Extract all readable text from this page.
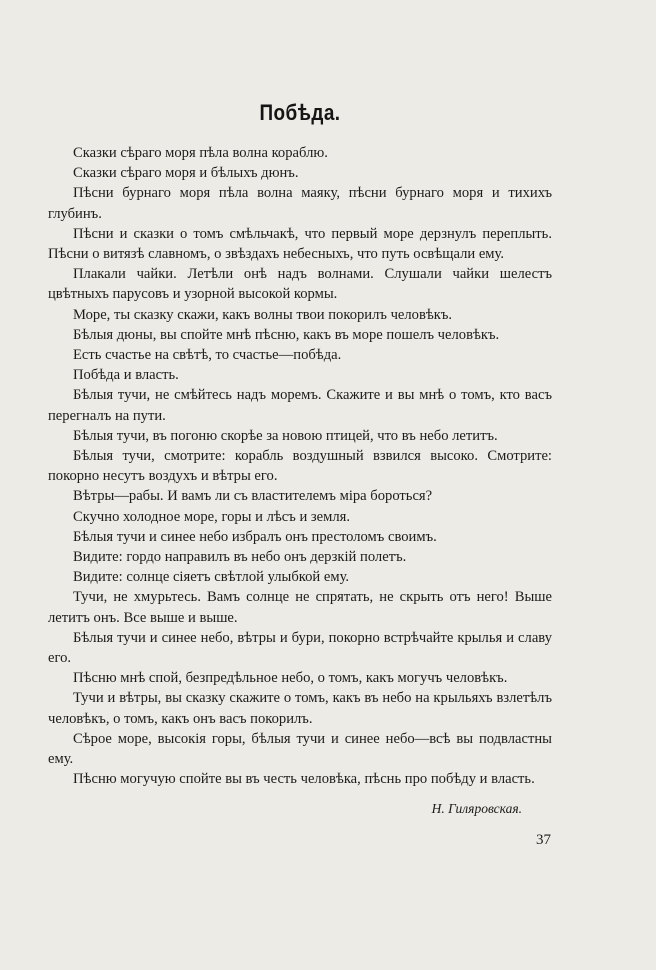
Побѣда.

Сказки сѣраго моря пѣла волна кораблю.

Сказки сѣраго моря и бѣлыхъ дюнъ.

Пѣсни бурнаго моря пѣла волна маяку, пѣсни бурнаго моря и тихихъ глубинъ.

Пѣсни и сказки о томъ смѣльчакѣ, что первый море дерзнулъ переплыть. Пѣсни о витязѣ славномъ, о звѣздахъ небесныхъ, что путь освѣщали ему.

Плакали чайки. Летѣли онѣ надъ волнами. Слушали чайки шелестъ цвѣтныхъ парусовъ и узорной высокой кормы.

Море, ты сказку скажи, какъ волны твои покорилъ человѣкъ.

Бѣлыя дюны, вы спойте мнѣ пѣсню, какъ въ море пошелъ человѣкъ.

Есть счастье на свѣтѣ, то счастье—побѣда.

Побѣда и власть.

Бѣлыя тучи, не смѣйтесь надъ моремъ. Скажите и вы мнѣ о томъ, кто васъ перегналъ на пути.

Бѣлыя тучи, въ погоню скорѣе за новою птицей, что въ небо летитъ.

Бѣлыя тучи, смотрите: корабль воздушный взвился высоко. Смотрите: покорно несутъ воздухъ и вѣтры его.

Вѣтры—рабы. И вамъ ли съ властителемъ міра бороться?

Скучно холодное море, горы и лѣсъ и земля.

Бѣлыя тучи и синее небо избралъ онъ престоломъ своимъ.

Видите: гордо направилъ въ небо онъ дерзкій полетъ.

Видите: солнце сіяетъ свѣтлой улыбкой ему.

Тучи, не хмурьтесь. Вамъ солнце не спрятать, не скрыть отъ него! Выше летитъ онъ. Все выше и выше.

Бѣлыя тучи и синее небо, вѣтры и бури, покорно встрѣчайте крылья и славу его.

Пѣсню мнѣ спой, безпредѣльное небо, о томъ, какъ могучъ человѣкъ.

Тучи и вѣтры, вы сказку скажите о томъ, какъ въ небо на крыльяхъ взлетѣлъ человѣкъ, о томъ, какъ онъ васъ покорилъ.

Сѣрое море, высокія горы, бѣлыя тучи и синее небо—всѣ вы подвластны ему.

Пѣсню могучую спойте вы въ честь человѣка, пѣснь про побѣду и власть.

Н. Гиляровская.
37
